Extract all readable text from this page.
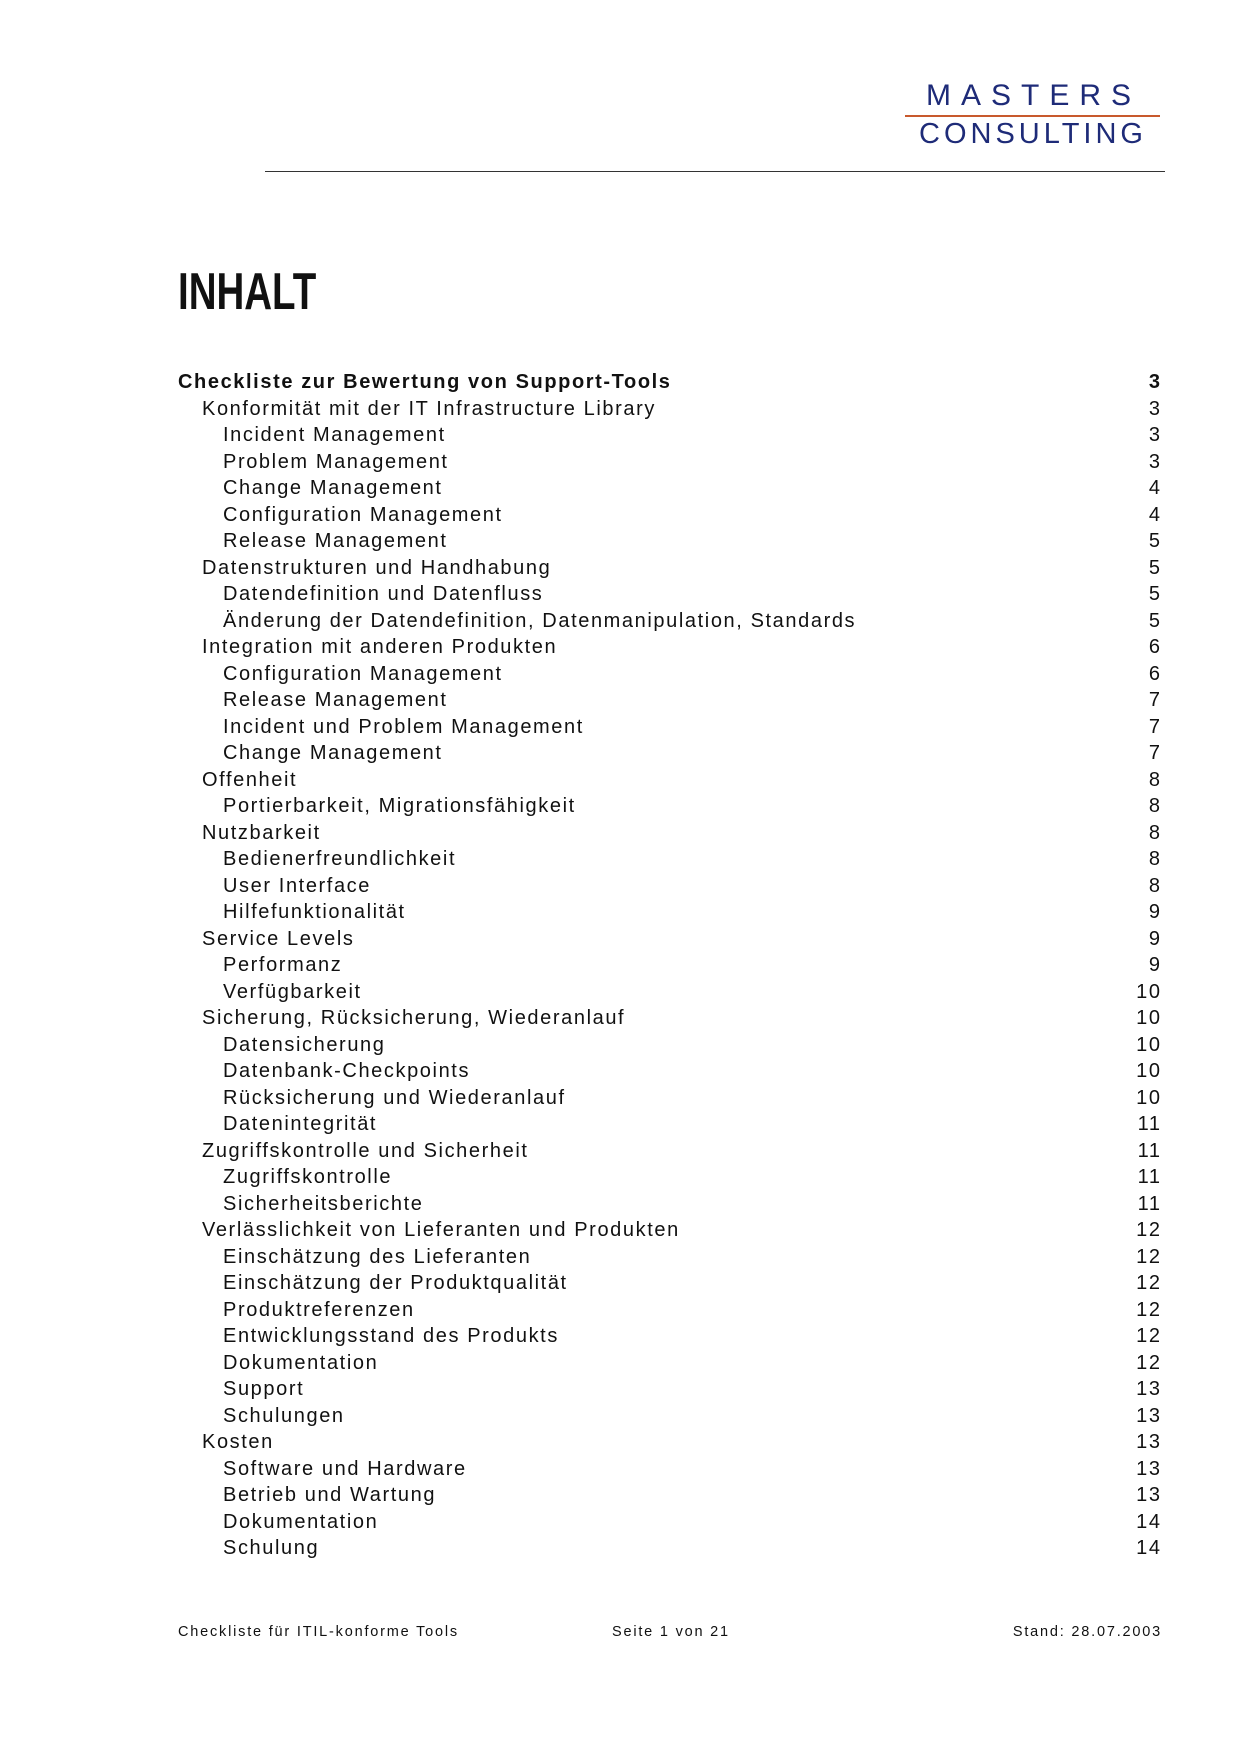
MASTERS
CONSULTING
INHALT
Checkliste zur Bewertung von Support-Tools	3
Konformität mit der IT Infrastructure Library	3
Incident Management	3
Problem Management	3
Change Management	4
Configuration Management	4
Release Management	5
Datenstrukturen und Handhabung	5
Datendefinition und Datenfluss	5
Änderung der Datendefinition, Datenmanipulation, Standards	5
Integration mit anderen Produkten	6
Configuration Management	6
Release Management	7
Incident und Problem Management	7
Change Management	7
Offenheit	8
Portierbarkeit, Migrationsfähigkeit	8
Nutzbarkeit	8
Bedienerfreundlichkeit	8
User Interface	8
Hilfefunktionalität	9
Service Levels	9
Performanz	9
Verfügbarkeit	10
Sicherung, Rücksicherung, Wiederanlauf	10
Datensicherung	10
Datenbank-Checkpoints	10
Rücksicherung und Wiederanlauf	10
Datenintegrität	11
Zugriffskontrolle und Sicherheit	11
Zugriffskontrolle	11
Sicherheitsberichte	11
Verlässlichkeit von Lieferanten und Produkten	12
Einschätzung des Lieferanten	12
Einschätzung der Produktqualität	12
Produktreferenzen	12
Entwicklungsstand des Produkts	12
Dokumentation	12
Support	13
Schulungen	13
Kosten	13
Software und Hardware	13
Betrieb und Wartung	13
Dokumentation	14
Schulung	14
Checkliste für ITIL-konforme Tools	Seite 1 von 21	Stand: 28.07.2003
